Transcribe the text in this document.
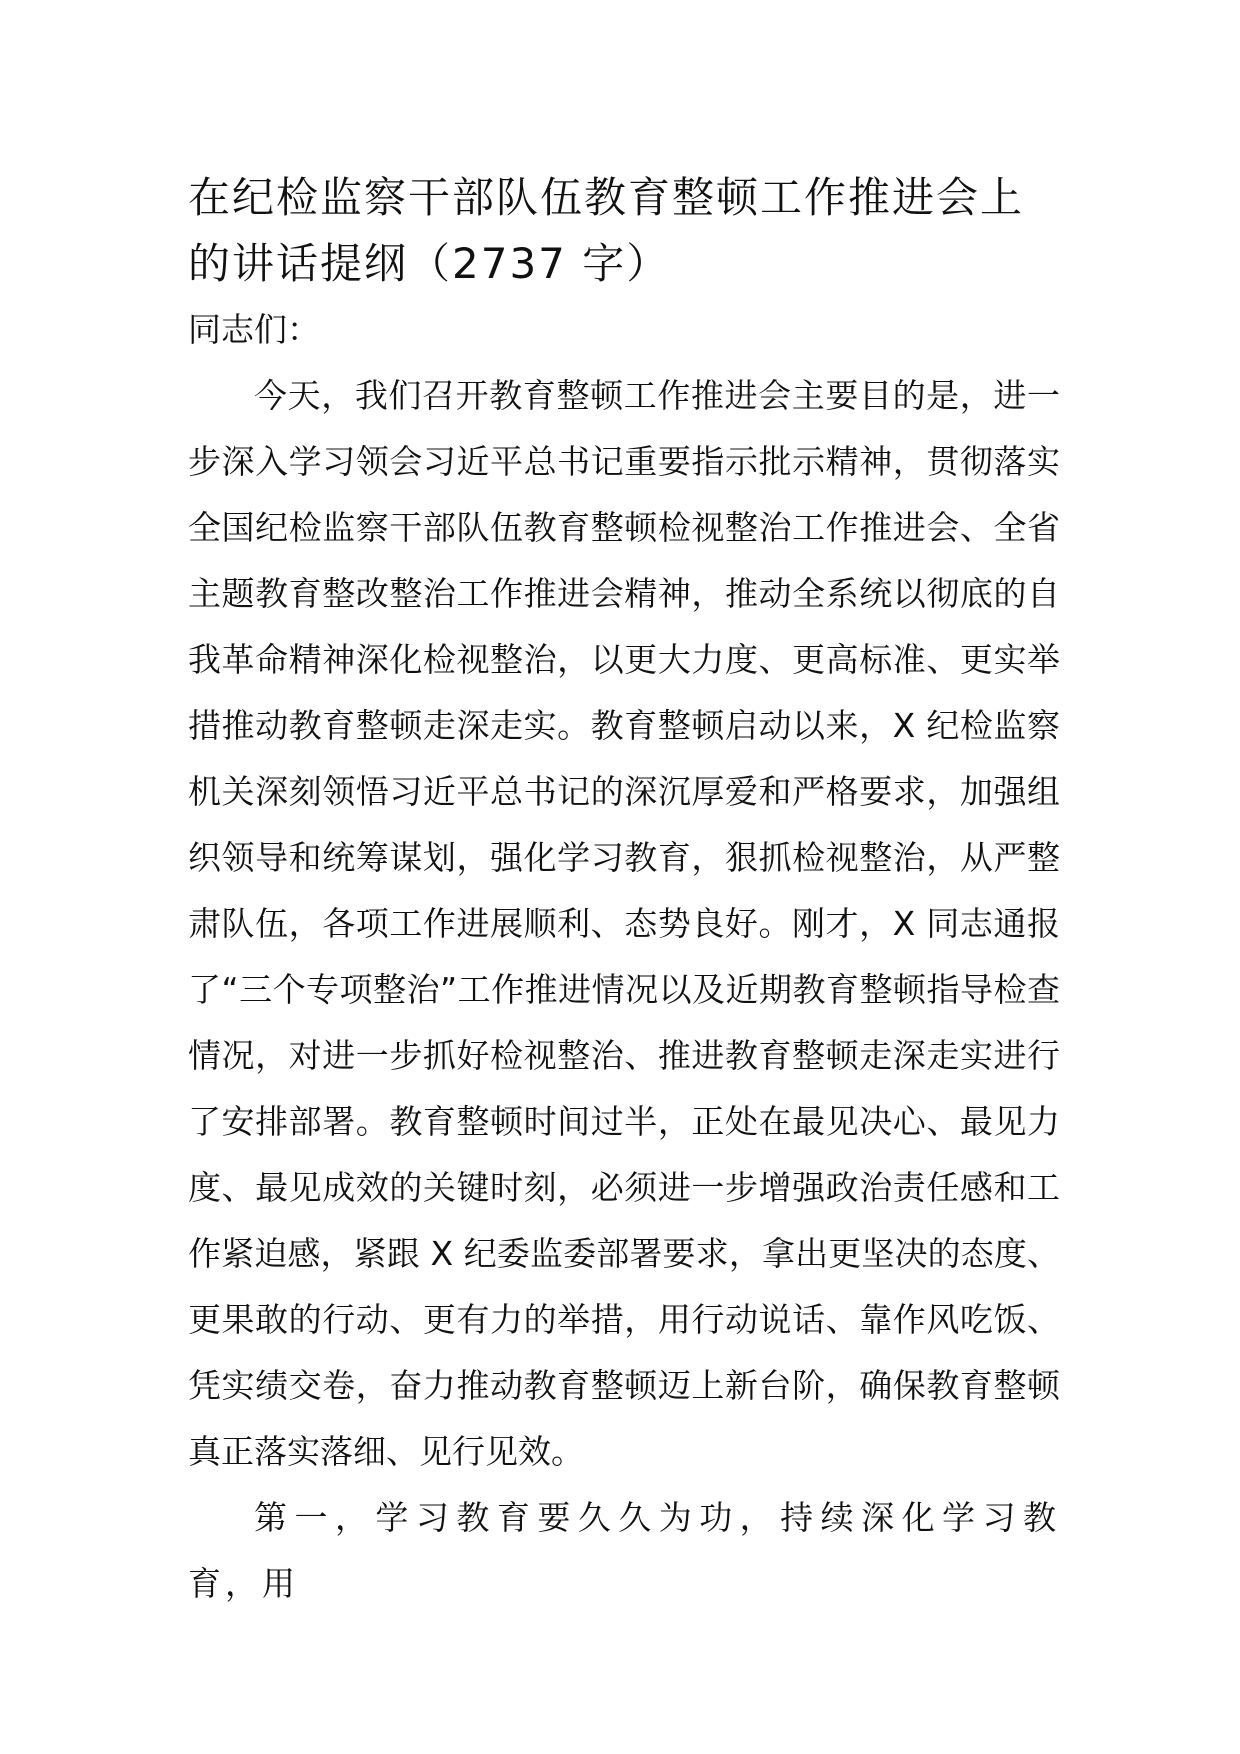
在纪检监察干部队伍教育整顿工作推进会上的讲话提纲（2737 字）

同志们：

今天，我们召开教育整顿工作推进会主要目的是，进一步深入学习领会习近平总书记重要指示批示精神，贯彻落实全国纪检监察干部队伍教育整顿检视整治工作推进会、全省主题教育整改整治工作推进会精神，推动全系统以彻底的自我革命精神深化检视整治，以更大力度、更高标准、更实举措推动教育整顿走深走实。教育整顿启动以来，X 纪检监察机关深刻领悟习近平总书记的深沉厚爱和严格要求，加强组织领导和统筹谋划，强化学习教育，狠抓检视整治，从严整肃队伍，各项工作进展顺利、态势良好。刚才，X 同志通报了“三个专项整治”工作推进情况以及近期教育整顿指导检查情况，对进一步抓好检视整治、推进教育整顿走深走实进行了安排部署。教育整顿时间过半，正处在最见决心、最见力度、最见成效的关键时刻，必须进一步增强政治责任感和工作紧迫感，紧跟 X 纪委监委部署要求，拿出更坚决的态度、更果敢的行动、更有力的举措，用行动说话、靠作风吃饭、凭实绩交卷，奋力推动教育整顿迈上新台阶，确保教育整顿真正落实落细、见行见效。

第一，学习教育要久久为功，持续深化学习教育，用
